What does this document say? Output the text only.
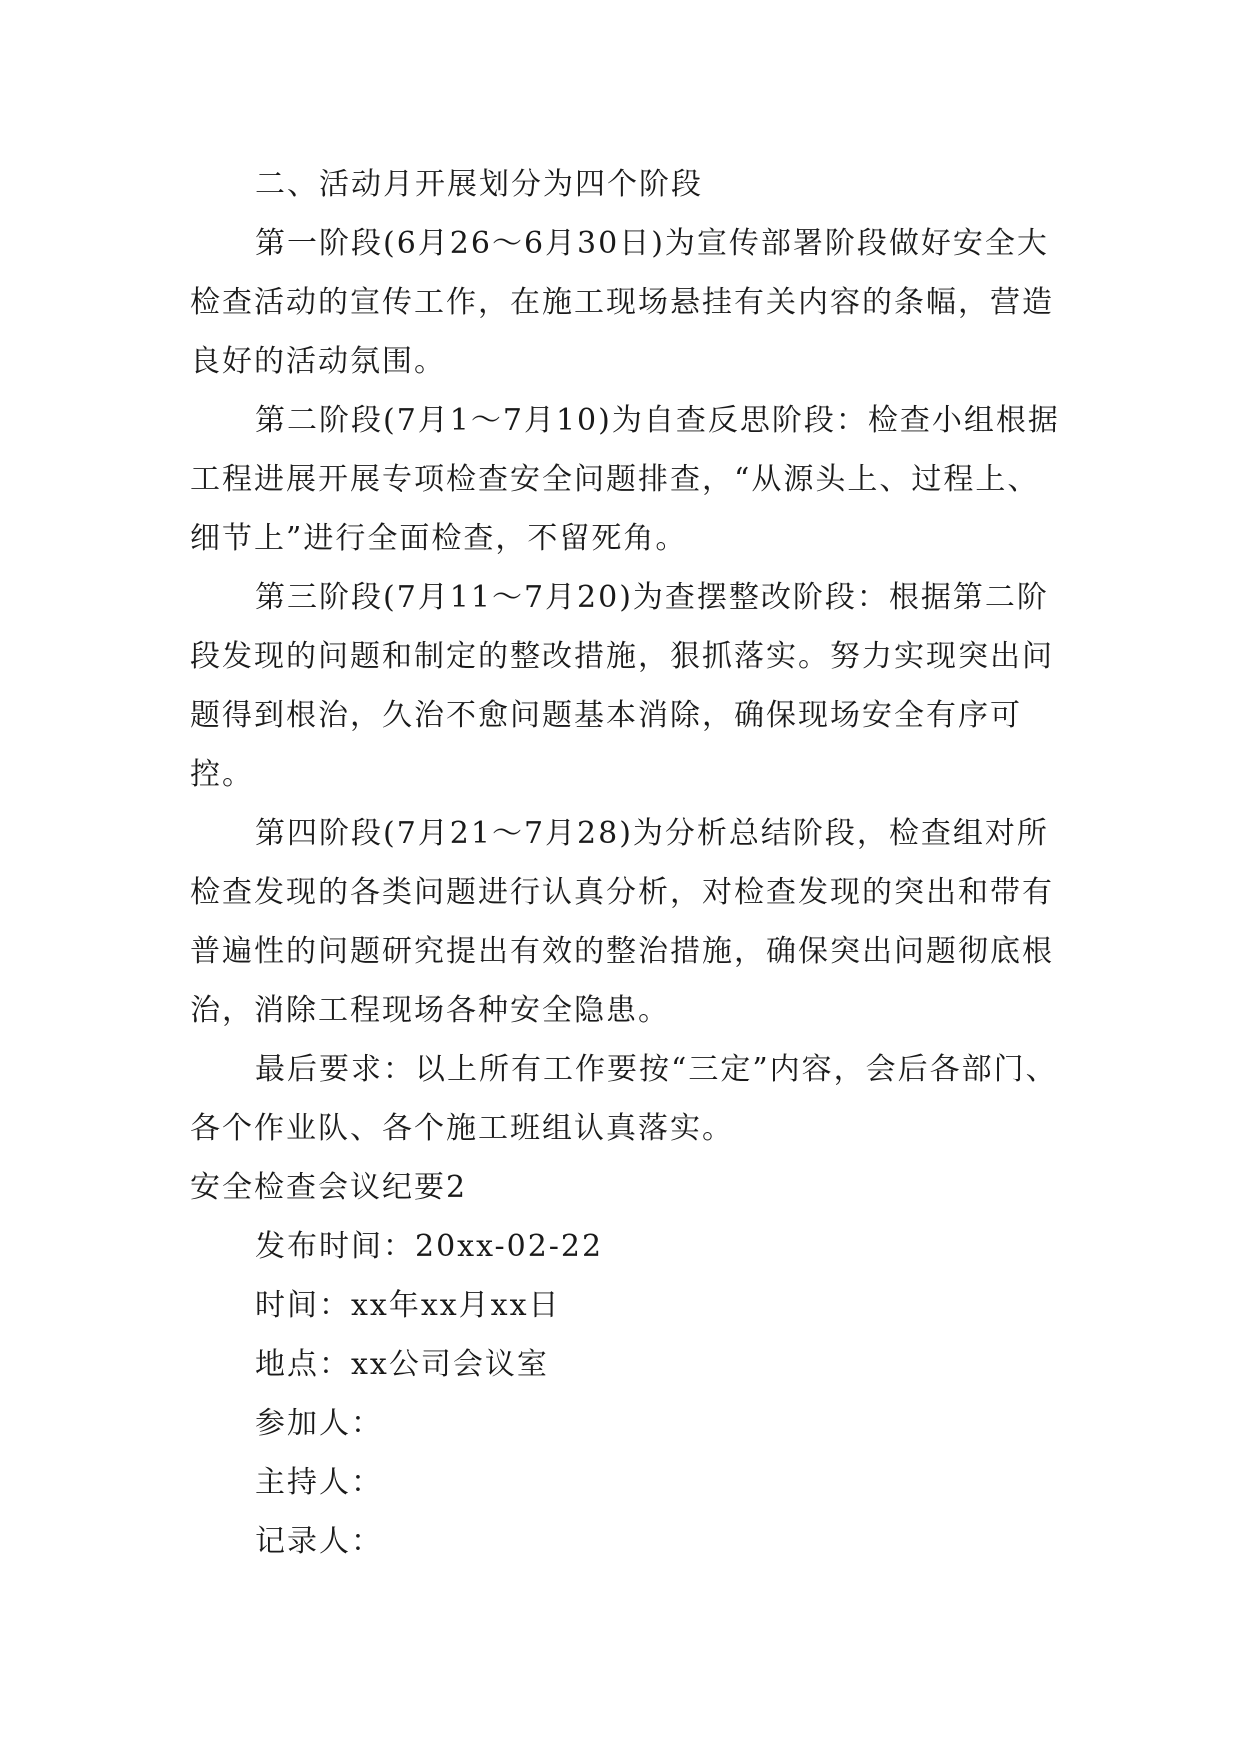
二、活动月开展划分为四个阶段

第一阶段(6月26～6月30日)为宣传部署阶段做好安全大检查活动的宣传工作，在施工现场悬挂有关内容的条幅，营造良好的活动氛围。

第二阶段(7月1～7月10)为自查反思阶段：检查小组根据工程进展开展专项检查安全问题排查，“从源头上、过程上、细节上”进行全面检查，不留死角。

第三阶段(7月11～7月20)为查摆整改阶段：根据第二阶段发现的问题和制定的整改措施，狠抓落实。努力实现突出问题得到根治，久治不愈问题基本消除，确保现场安全有序可控。

第四阶段(7月21～7月28)为分析总结阶段，检查组对所检查发现的各类问题进行认真分析，对检查发现的突出和带有普遍性的问题研究提出有效的整治措施，确保突出问题彻底根治，消除工程现场各种安全隐患。

最后要求：以上所有工作要按“三定”内容，会后各部门、各个作业队、各个施工班组认真落实。

安全检查会议纪要2

发布时间：20xx-02-22

时间：xx年xx月xx日

地点：xx公司会议室

参加人：

主持人：

记录人：
